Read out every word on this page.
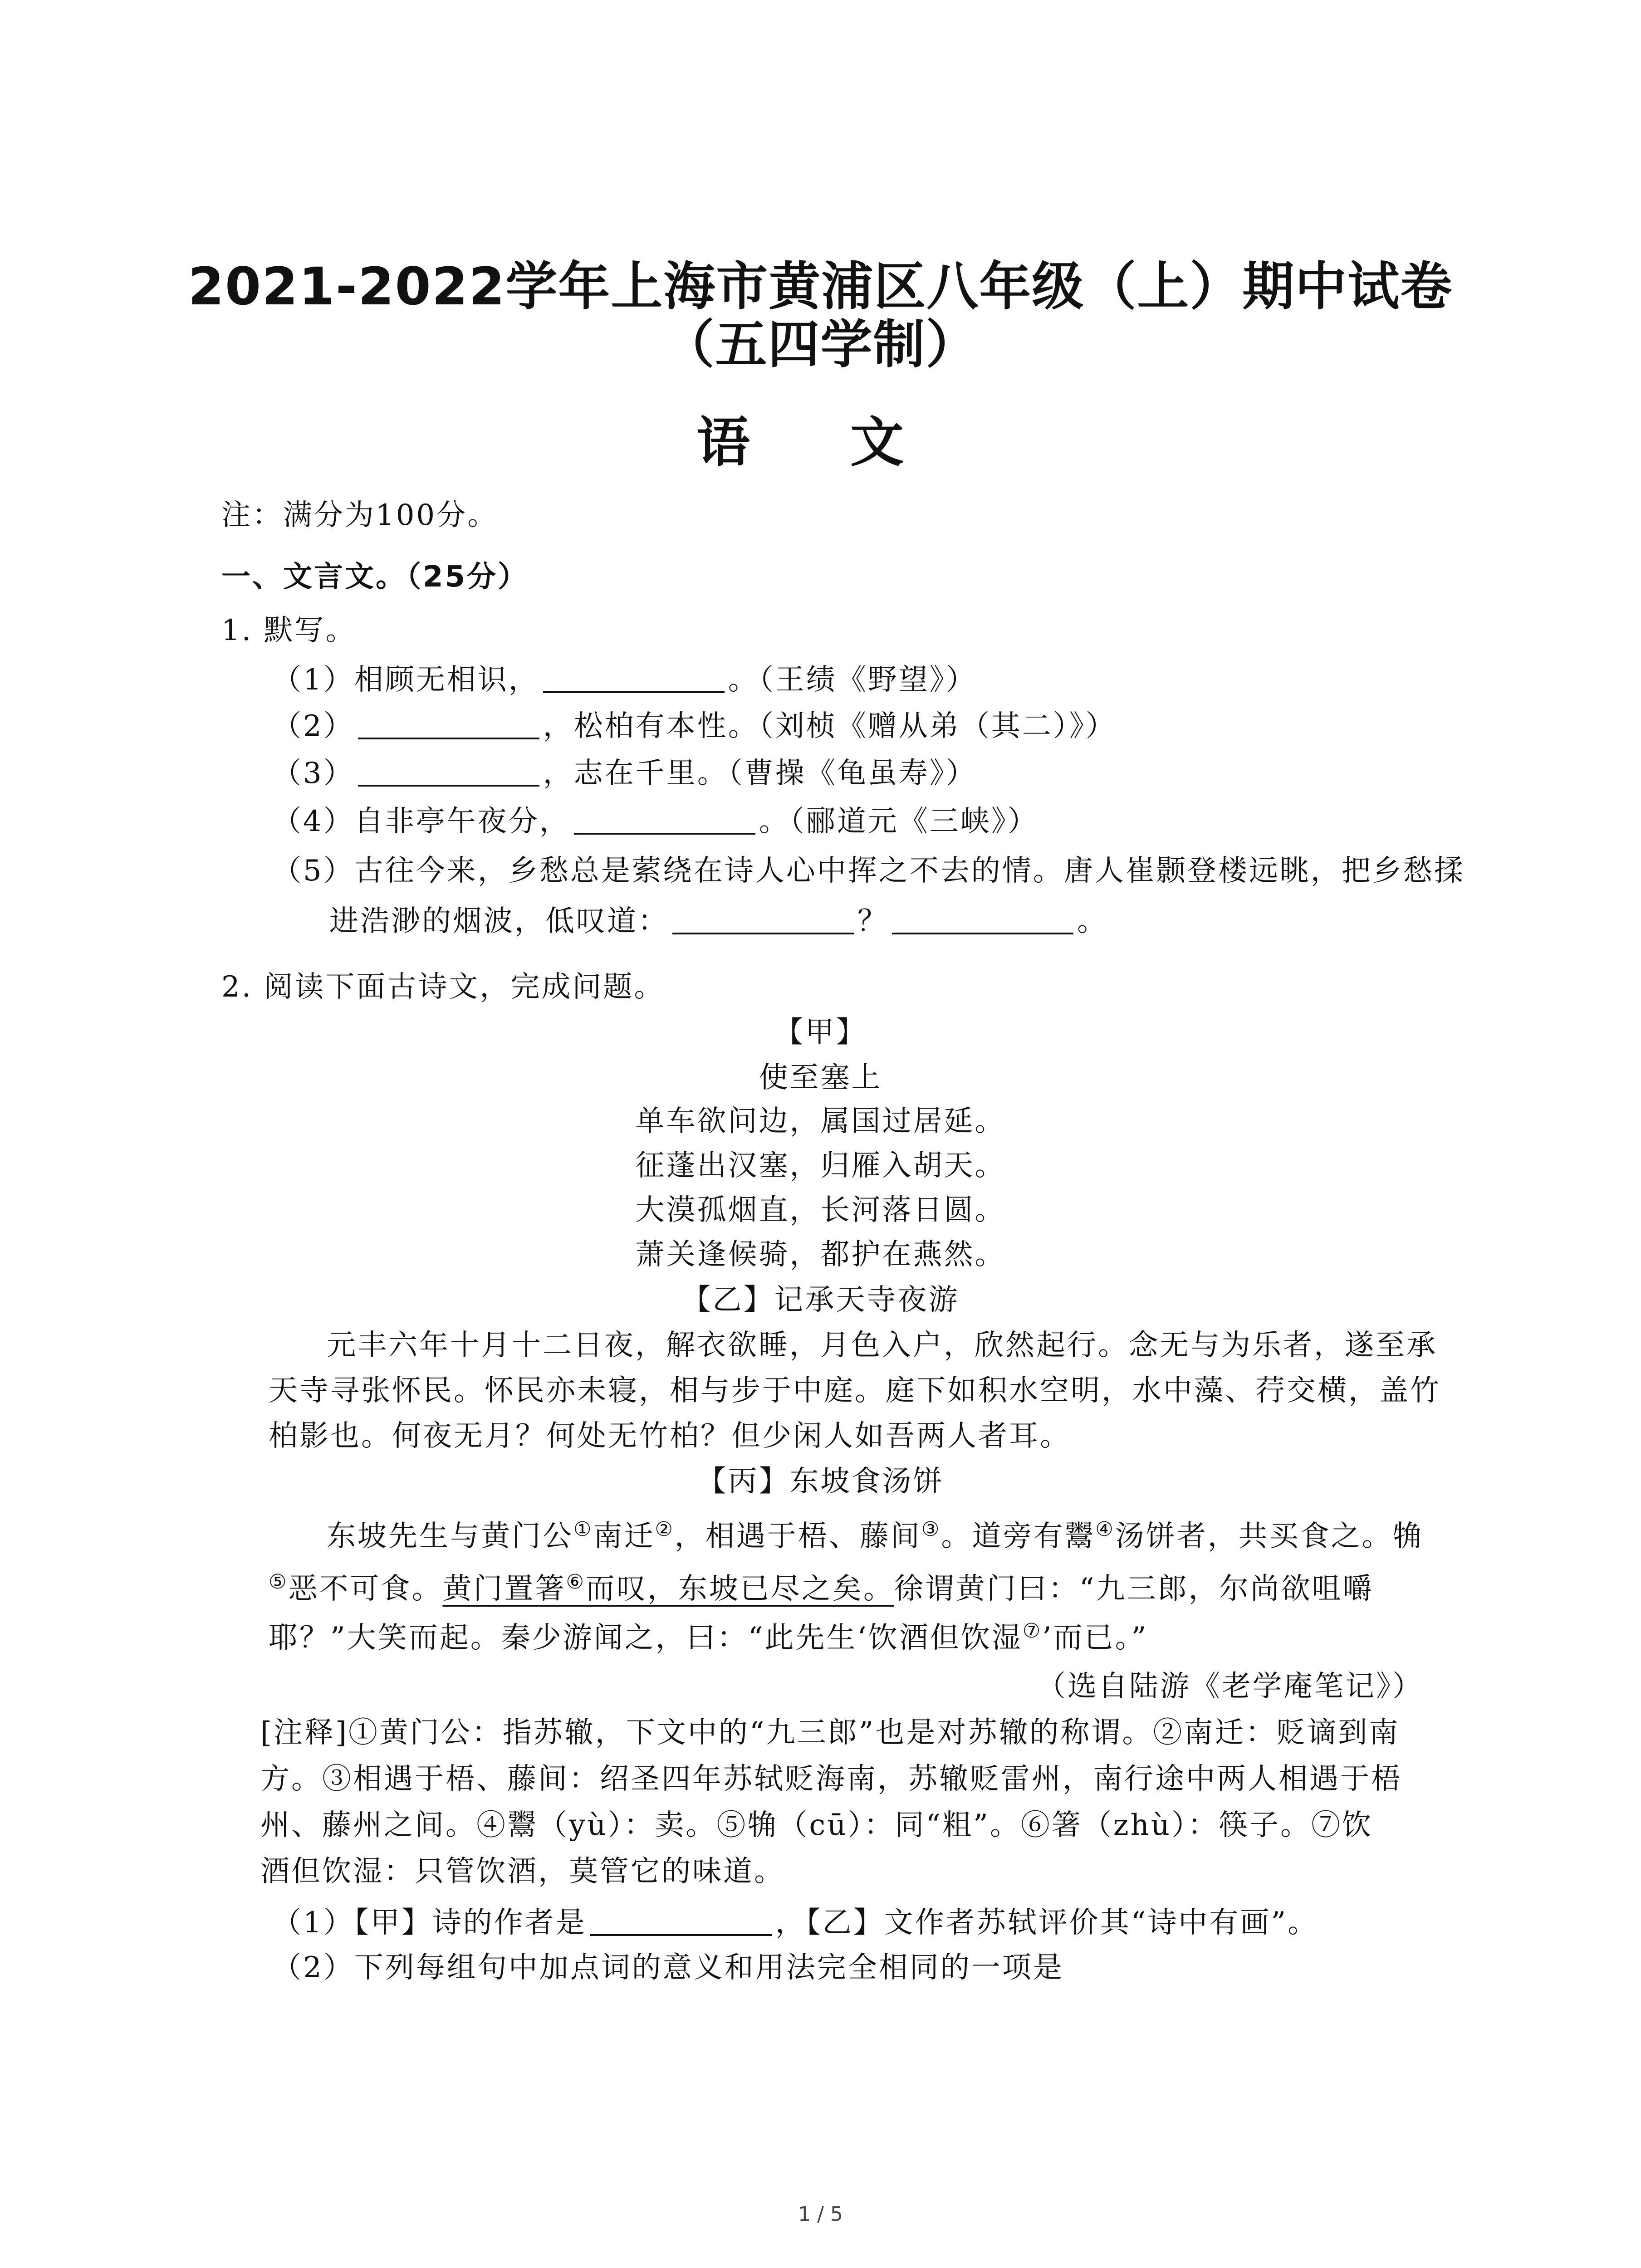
2021-2022学年上海市黄浦区八年级（上）期中试卷
（五四学制）
语 文
注：满分为100分。
一、文言文。（25分）
1. 默写。
（1）相顾无相识，	。（王绩《野望》）
（2）	，松柏有本性。（刘桢《赠从弟（其二）》）
（3）	，志在千里。（曹操《龟虽寿》）
（4）自非亭午夜分，	。（郦道元《三峡》）
（5）古往今来，乡愁总是萦绕在诗人心中挥之不去的情。唐人崔颢登楼远眺，把乡愁揉
进浩渺的烟波，低叹道：	？	。
2. 阅读下面古诗文，完成问题。
【甲】
使至塞上
单车欲问边，属国过居延。
征蓬出汉塞，归雁入胡天。
大漠孤烟直，长河落日圆。
萧关逢候骑，都护在燕然。
【乙】记承天寺夜游
元丰六年十月十二日夜，解衣欲睡，月色入户，欣然起行。念无与为乐者，遂至承
天寺寻张怀民。怀民亦未寝，相与步于中庭。庭下如积水空明，水中藻、荇交横，盖竹
柏影也。何夜无月？何处无竹柏？但少闲人如吾两人者耳。
【丙】东坡食汤饼
东坡先生与黄门公①南迁②，相遇于梧、藤间③。道旁有鬻④汤饼者，共买食之。觕
⑤恶不可食。黄门置箸⑥而叹，东坡已尽之矣。徐谓黄门曰：“九三郎，尔尚欲咀嚼
耶？”大笑而起。秦少游闻之，曰：“此先生‘饮酒但饮湿⑦’而已。”
（选自陆游《老学庵笔记》）
[注释]①黄门公：指苏辙，下文中的“九三郎”也是对苏辙的称谓。②南迁：贬谪到南
方。③相遇于梧、藤间：绍圣四年苏轼贬海南，苏辙贬雷州，南行途中两人相遇于梧
州、藤州之间。④鬻（yù）：卖。⑤觕（cū）：同“粗”。⑥箸（zhù）：筷子。⑦饮
酒但饮湿：只管饮酒，莫管它的味道。
（1）【甲】诗的作者是	，【乙】文作者苏轼评价其“诗中有画”。
（2）下列每组句中加点词的意义和用法完全相同的一项是
1 / 5
